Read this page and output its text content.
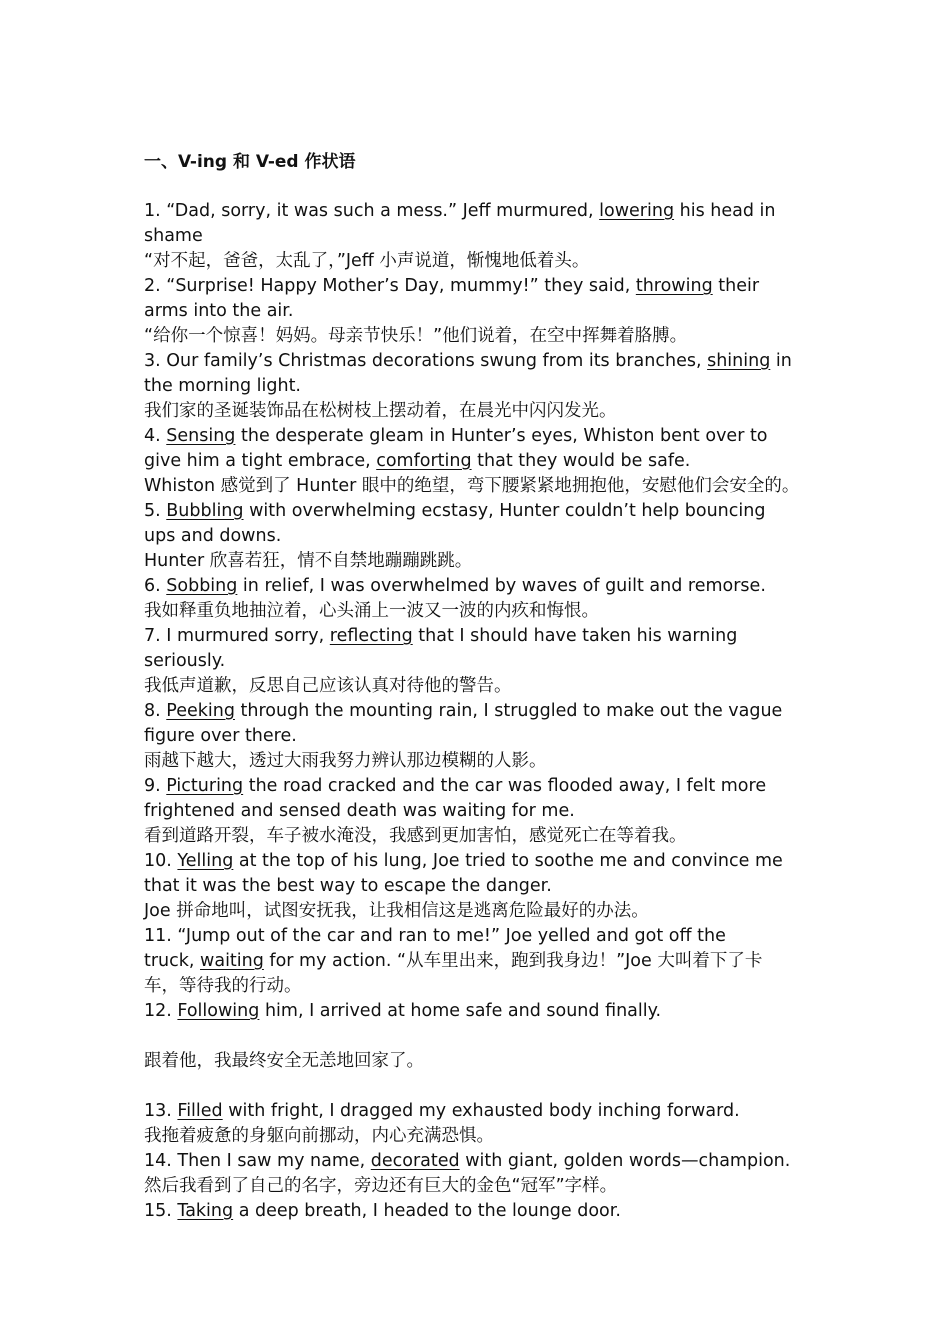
一、V-ing 和 V-ed 作状语
1. “Dad, sorry, it was such a mess.” Jeff murmured, lowering his head in
shame
“对不起，爸爸，太乱了，”Jeff 小声说道，惭愧地低着头。
2. “Surprise! Happy Mother’s Day, mummy!” they said, throwing their
arms into the air.
“给你一个惊喜！妈妈。母亲节快乐！”他们说着，在空中挥舞着胳膊。
3. Our family’s Christmas decorations swung from its branches, shining in
the morning light.
我们家的圣诞装饰品在松树枝上摆动着，在晨光中闪闪发光。
4. Sensing the desperate gleam in Hunter’s eyes, Whiston bent over to
give him a tight embrace, comforting that they would be safe.
Whiston 感觉到了 Hunter 眼中的绝望，弯下腰紧紧地拥抱他，安慰他们会安全的。
5. Bubbling with overwhelming ecstasy, Hunter couldn’t help bouncing
ups and downs.
Hunter 欣喜若狂，情不自禁地蹦蹦跳跳。
6. Sobbing in relief, I was overwhelmed by waves of guilt and remorse.
我如释重负地抽泣着，心头涌上一波又一波的内疚和悔恨。
7. I murmured sorry, reflecting that I should have taken his warning
seriously.
我低声道歉，反思自己应该认真对待他的警告。
8. Peeking through the mounting rain, I struggled to make out the vague
figure over there.
雨越下越大，透过大雨我努力辨认那边模糊的人影。
9. Picturing the road cracked and the car was flooded away, I felt more
frightened and sensed death was waiting for me.
看到道路开裂，车子被水淹没，我感到更加害怕，感觉死亡在等着我。
10. Yelling at the top of his lung, Joe tried to soothe me and convince me
that it was the best way to escape the danger.
Joe 拼命地叫，试图安抚我，让我相信这是逃离危险最好的办法。
11. “Jump out of the car and ran to me!” Joe yelled and got off the
truck, waiting for my action. “从车里出来，跑到我身边！”Joe 大叫着下了卡
车，等待我的行动。
12. Following him, I arrived at home safe and sound finally.
跟着他，我最终安全无恙地回家了。
13. Filled with fright, I dragged my exhausted body inching forward.
我拖着疲惫的身躯向前挪动，内心充满恐惧。
14. Then I saw my name, decorated with giant, golden words—champion.
然后我看到了自己的名字，旁边还有巨大的金色“冠军”字样。
15. Taking a deep breath, I headed to the lounge door.
